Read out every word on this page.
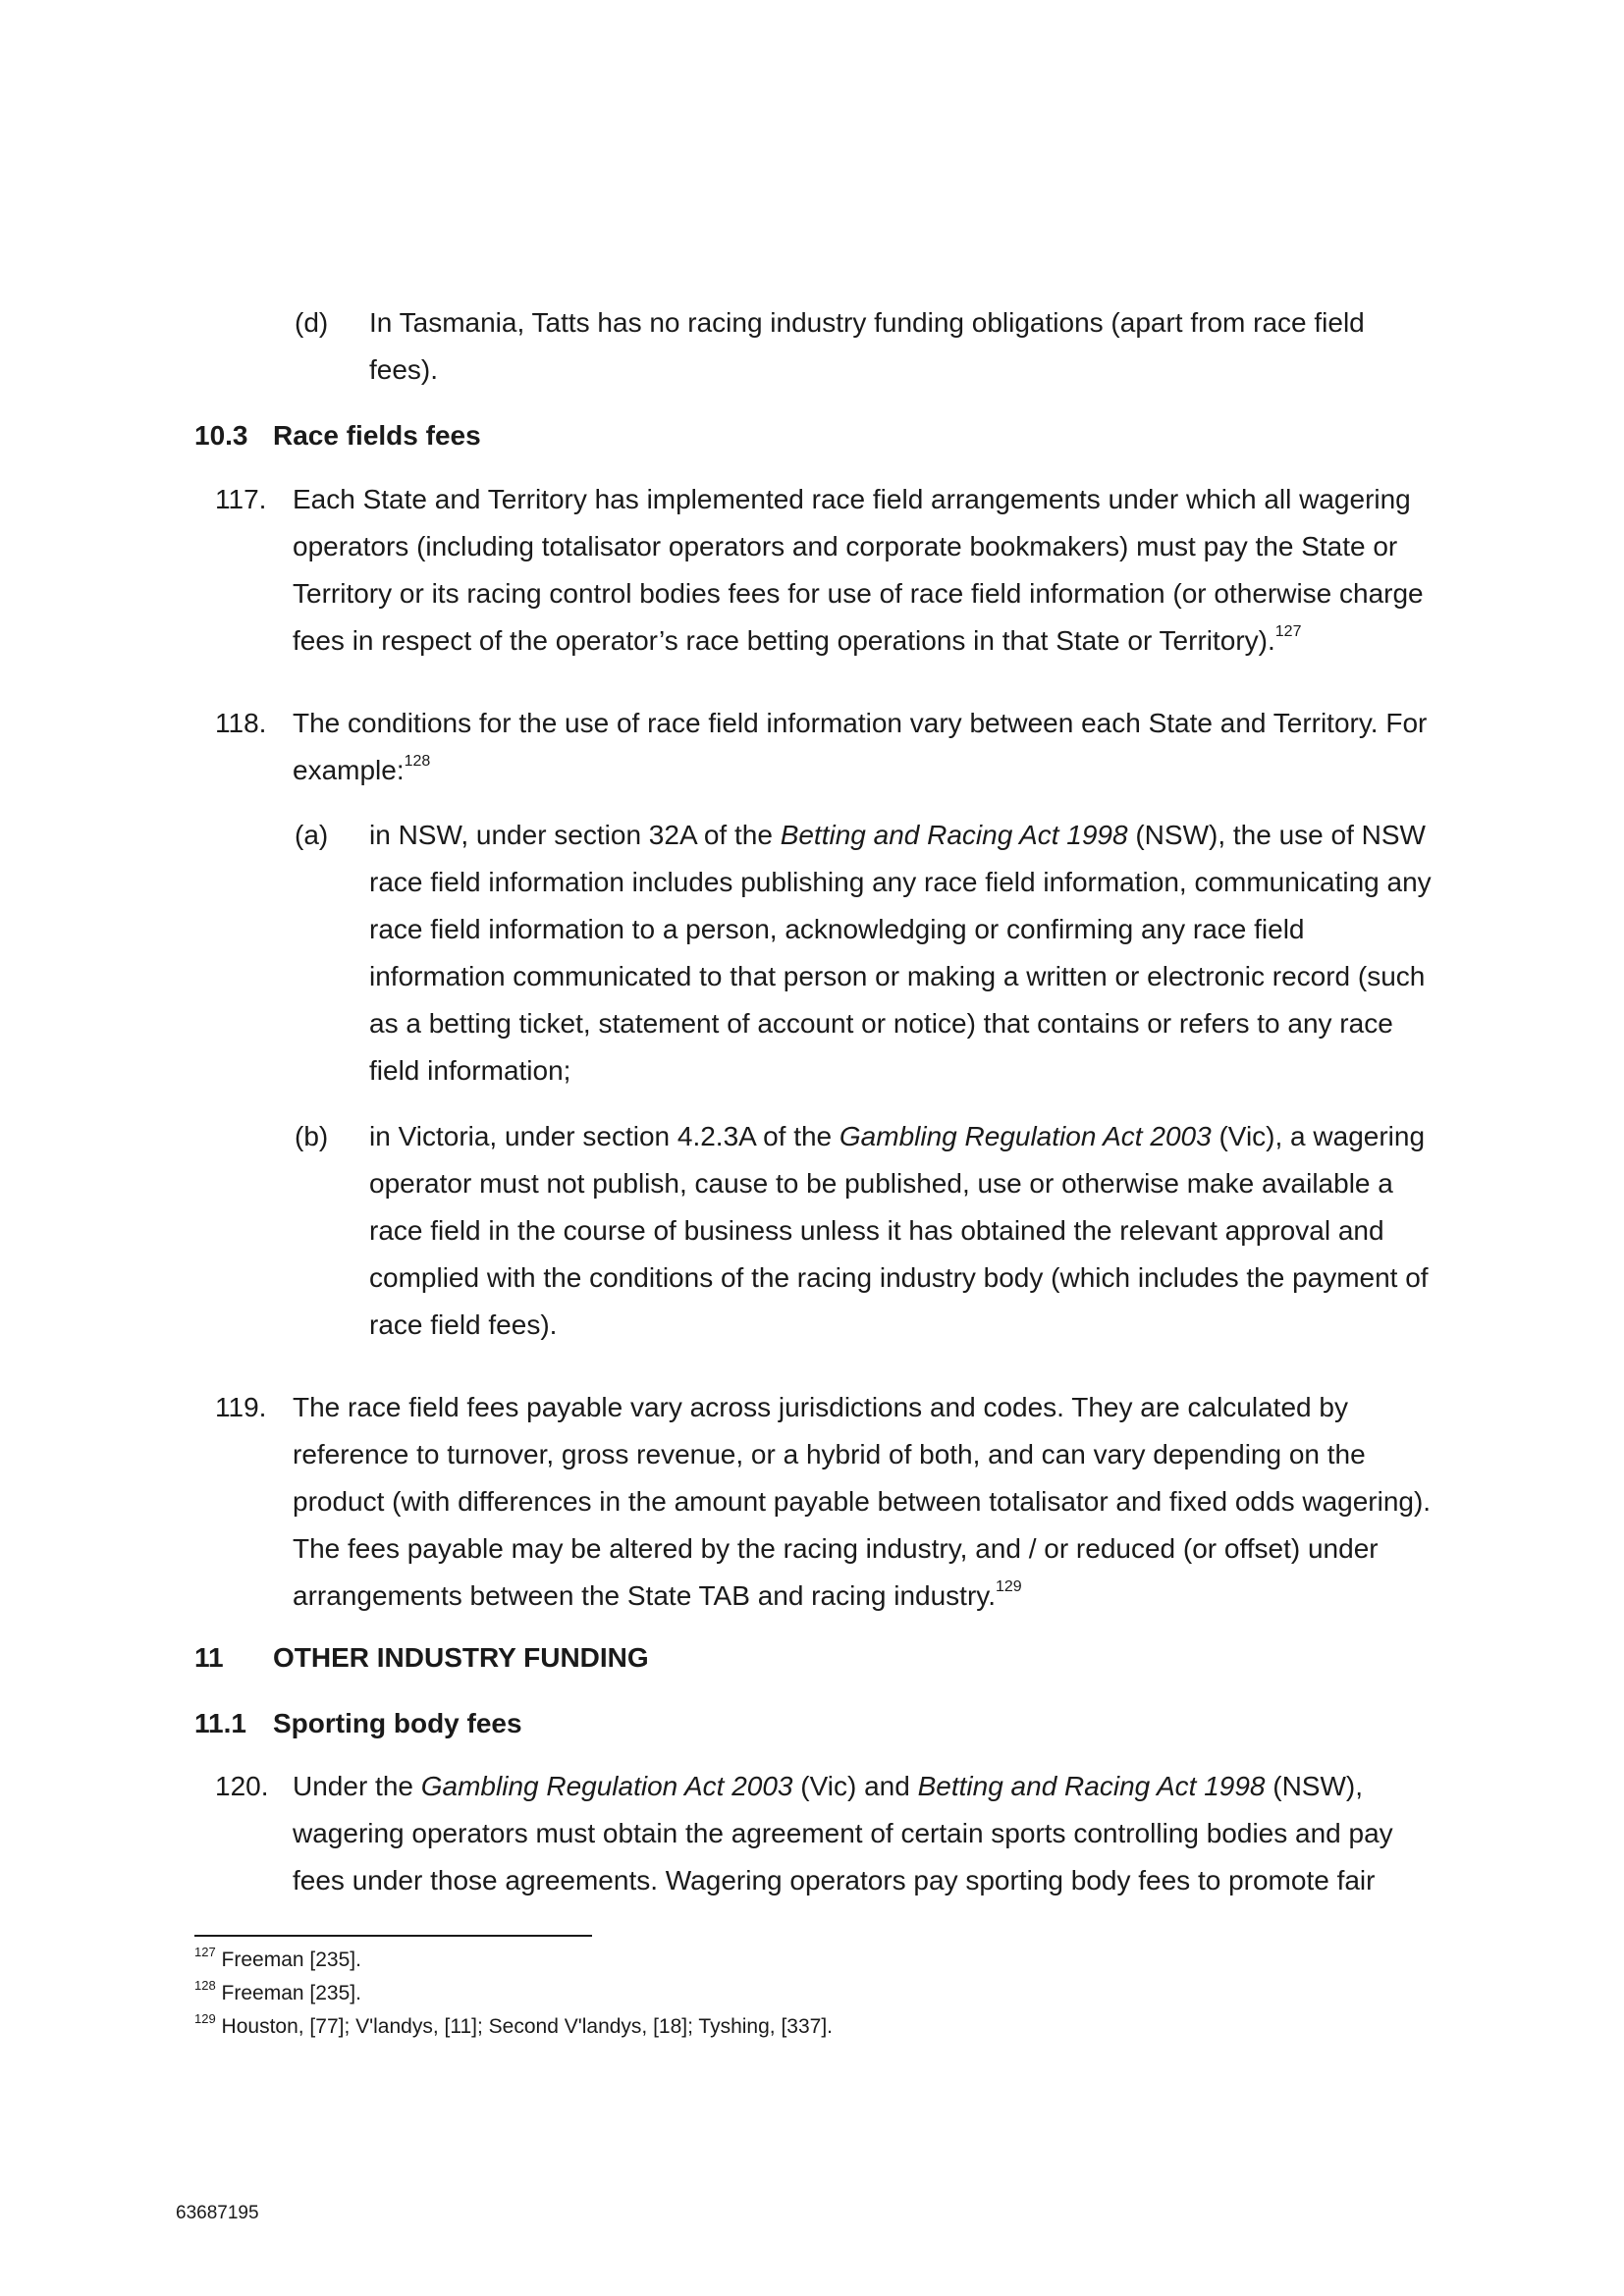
(d) In Tasmania, Tatts has no racing industry funding obligations (apart from race field fees).
10.3 Race fields fees
117. Each State and Territory has implemented race field arrangements under which all wagering operators (including totalisator operators and corporate bookmakers) must pay the State or Territory or its racing control bodies fees for use of race field information (or otherwise charge fees in respect of the operator’s race betting operations in that State or Territory).$^{127}$
118. The conditions for the use of race field information vary between each State and Territory. For example:$^{128}$
(a) in NSW, under section 32A of the Betting and Racing Act 1998 (NSW), the use of NSW race field information includes publishing any race field information, communicating any race field information to a person, acknowledging or confirming any race field information communicated to that person or making a written or electronic record (such as a betting ticket, statement of account or notice) that contains or refers to any race field information;
(b) in Victoria, under section 4.2.3A of the Gambling Regulation Act 2003 (Vic), a wagering operator must not publish, cause to be published, use or otherwise make available a race field in the course of business unless it has obtained the relevant approval and complied with the conditions of the racing industry body (which includes the payment of race field fees).
119. The race field fees payable vary across jurisdictions and codes. They are calculated by reference to turnover, gross revenue, or a hybrid of both, and can vary depending on the product (with differences in the amount payable between totalisator and fixed odds wagering). The fees payable may be altered by the racing industry, and / or reduced (or offset) under arrangements between the State TAB and racing industry.$^{129}$
11 OTHER INDUSTRY FUNDING
11.1 Sporting body fees
120. Under the Gambling Regulation Act 2003 (Vic) and Betting and Racing Act 1998 (NSW), wagering operators must obtain the agreement of certain sports controlling bodies and pay fees under those agreements. Wagering operators pay sporting body fees to promote fair
$^{127}$ Freeman [235].
$^{128}$ Freeman [235].
$^{129}$ Houston, [77]; V'landys, [11]; Second V'landys, [18]; Tyshing, [337].
63687195
